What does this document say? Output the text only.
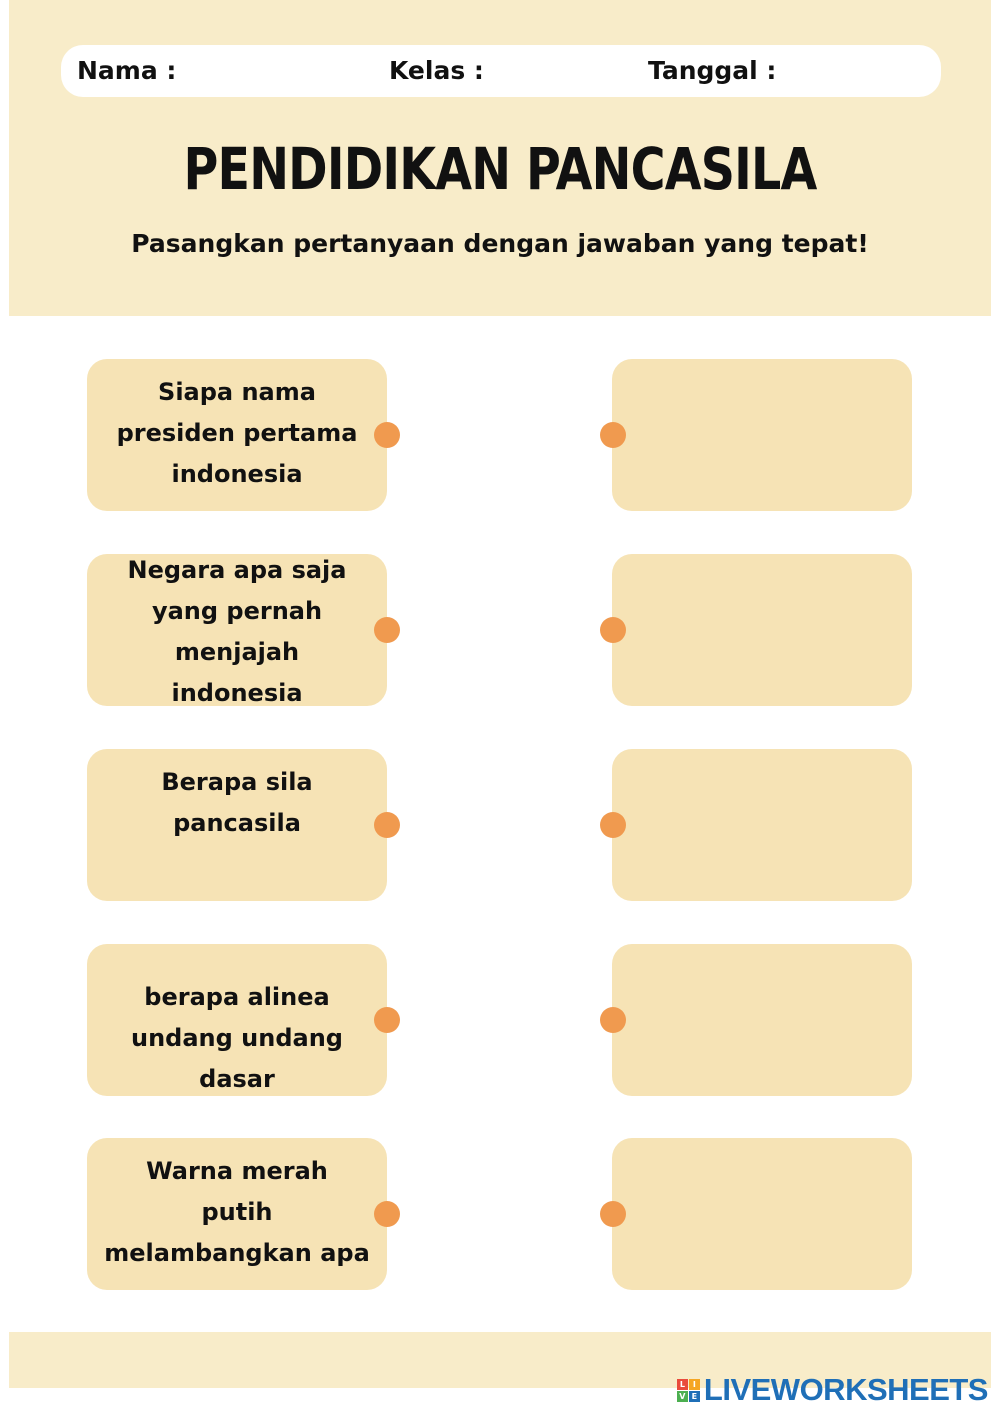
Nama :	Kelas :	Tanggal :
PENDIDIKAN PANCASILA
Pasangkan pertanyaan dengan jawaban yang tepat!
Siapa nama
presiden pertama
indonesia
Negara apa saja
yang pernah
menjajah
indonesia
Berapa sila
pancasila
berapa alinea
undang undang
dasar
Warna merah
putih
melambangkan apa
L I
V E LIVEWORKSHEETS
